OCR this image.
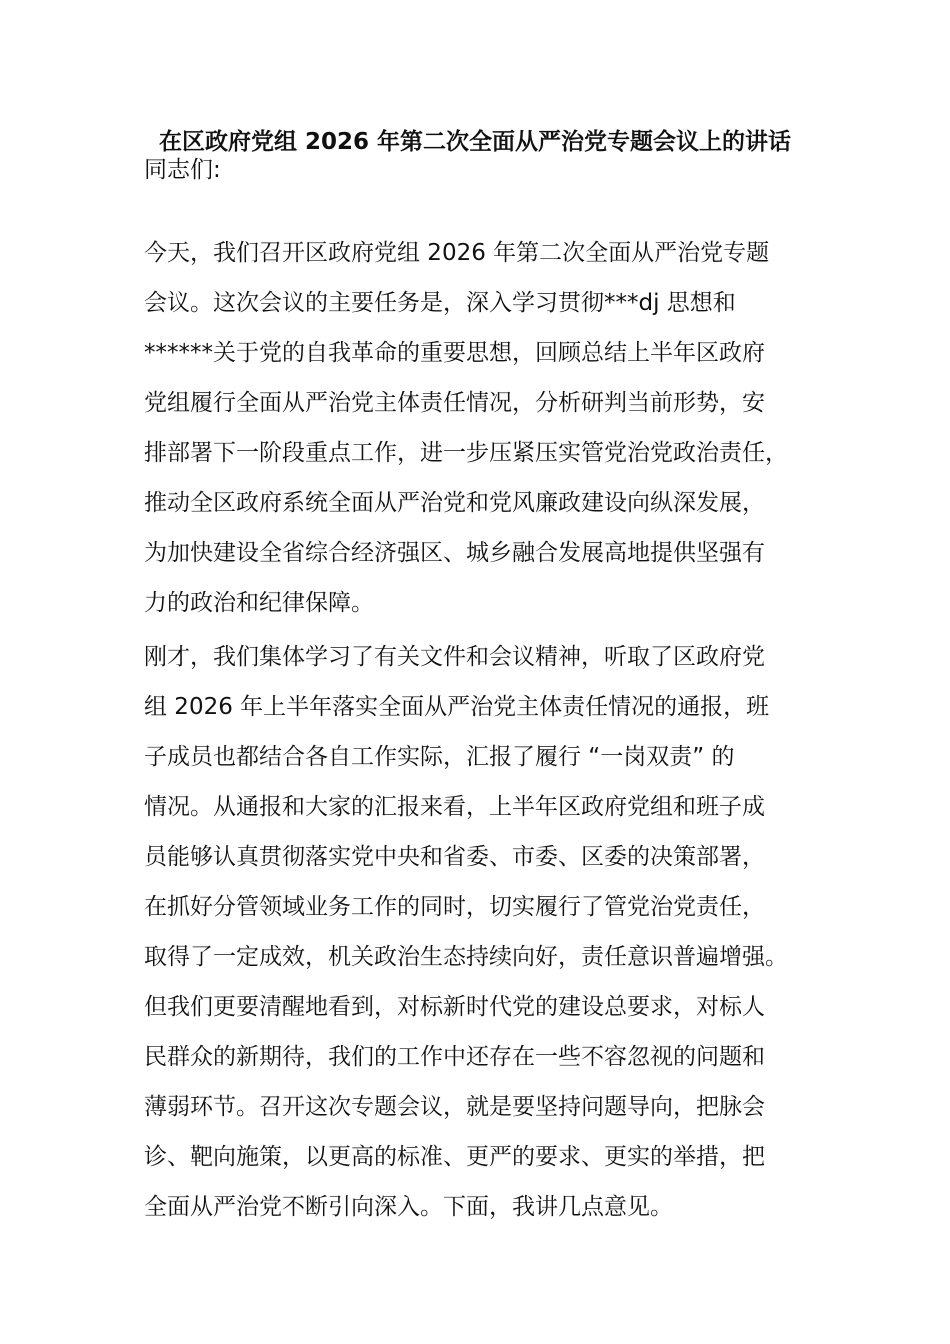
在区政府党组 2026 年第二次全面从严治党专题会议上的讲话
同志们:
今天，我们召开区政府党组 2026 年第二次全面从严治党专题
会议。这次会议的主要任务是，深入学习贯彻***dj 思想和
******关于党的自我革命的重要思想，回顾总结上半年区政府
党组履行全面从严治党主体责任情况，分析研判当前形势，安
排部署下一阶段重点工作，进一步压紧压实管党治党政治责任，
推动全区政府系统全面从严治党和党风廉政建设向纵深发展，
为加快建设全省综合经济强区、城乡融合发展高地提供坚强有
力的政治和纪律保障。
刚才，我们集体学习了有关文件和会议精神，听取了区政府党
组 2026 年上半年落实全面从严治党主体责任情况的通报，班
子成员也都结合各自工作实际，汇报了履行 “一岗双责” 的
情况。从通报和大家的汇报来看，上半年区政府党组和班子成
员能够认真贯彻落实党中央和省委、市委、区委的决策部署，
在抓好分管领域业务工作的同时，切实履行了管党治党责任，
取得了一定成效，机关政治生态持续向好，责任意识普遍增强。
但我们更要清醒地看到，对标新时代党的建设总要求，对标人
民群众的新期待，我们的工作中还存在一些不容忽视的问题和
薄弱环节。召开这次专题会议，就是要坚持问题导向，把脉会
诊、靶向施策，以更高的标准、更严的要求、更实的举措，把
全面从严治党不断引向深入。下面，我讲几点意见。
